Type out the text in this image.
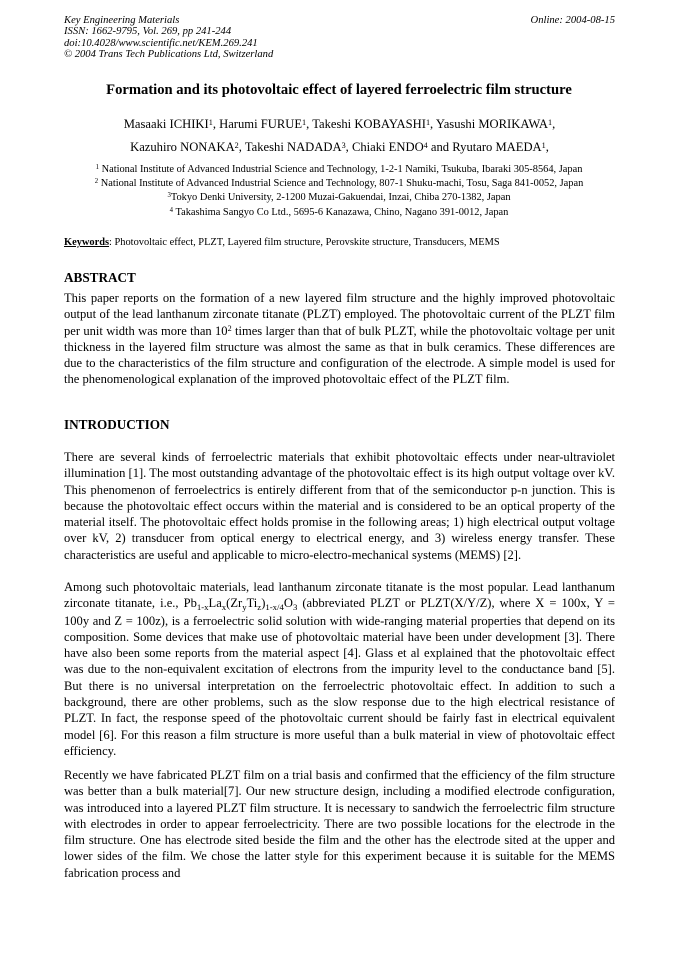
Key Engineering Materials
ISSN: 1662-9795, Vol. 269, pp 241-244
doi:10.4028/www.scientific.net/KEM.269.241
© 2004 Trans Tech Publications Ltd, Switzerland
Online: 2004-08-15
Formation and its photovoltaic effect of layered ferroelectric film structure
Masaaki ICHIKI$^1$, Harumi FURUE$^1$, Takeshi KOBAYASHI$^1$, Yasushi MORIKAWA$^1$,
Kazuhiro NONAKA$^2$, Takeshi NADADA$^3$, Chiaki ENDO$^4$ and Ryutaro MAEDA$^1$,
$^1$ National Institute of Advanced Industrial Science and Technology, 1-2-1 Namiki, Tsukuba, Ibaraki 305-8564, Japan
$^2$ National Institute of Advanced Industrial Science and Technology, 807-1 Shuku-machi, Tosu, Saga 841-0052, Japan
$^3$Tokyo Denki University, 2-1200 Muzai-Gakuendai, Inzai, Chiba 270-1382, Japan
$^4$ Takashima Sangyo Co Ltd., 5695-6 Kanazawa, Chino, Nagano 391-0012, Japan
Keywords: Photovoltaic effect, PLZT, Layered film structure, Perovskite structure, Transducers, MEMS
ABSTRACT

This paper reports on the formation of a new layered film structure and the highly improved photovoltaic output of the lead lanthanum zirconate titanate (PLZT) employed. The photovoltaic current of the PLZT film per unit width was more than $10^2$ times larger than that of bulk PLZT, while the photovoltaic voltage per unit thickness in the layered film structure was almost the same as that in bulk ceramics. These differences are due to the characteristics of the film structure and configuration of the electrode. A simple model is used for the phenomenological explanation of the improved photovoltaic effect of the PLZT film.

INTRODUCTION

There are several kinds of ferroelectric materials that exhibit photovoltaic effects under near-ultraviolet illumination [1]. The most outstanding advantage of the photovoltaic effect is its high output voltage over kV. This phenomenon of ferroelectrics is entirely different from that of the semiconductor p-n junction. This is because the photovoltaic effect occurs within the material and is considered to be an optical property of the material itself. The photovoltaic effect holds promise in the following areas; 1) high electrical output voltage over kV, 2) transducer from optical energy to electrical energy, and 3) wireless energy transfer. These characteristics are useful and applicable to micro-electro-mechanical systems (MEMS) [2].

Among such photovoltaic materials, lead lanthanum zirconate titanate is the most popular. Lead lanthanum zirconate titanate, i.e., $Pb_{1-x}La_x(Zr_yTi_z)_{1-x/4}O_3$ (abbreviated PLZT or PLZT(X/Y/Z), where X = 100x, Y = 100y and Z = 100z), is a ferroelectric solid solution with wide-ranging material properties that depend on its composition. Some devices that make use of photovoltaic material have been under development [3]. There have also been some reports from the material aspect [4]. Glass et al explained that the photovoltaic effect was due to the non-equivalent excitation of electrons from the impurity level to the conductance band [5]. But there is no universal interpretation on the ferroelectric photovoltaic effect. In addition to such a background, there are other problems, such as the slow response due to the high electrical resistance of PLZT. In fact, the response speed of the photovoltaic current should be fairly fast in electrical equivalent model [6]. For this reason a film structure is more useful than a bulk material in view of photovoltaic effect efficiency.

Recently we have fabricated PLZT film on a trial basis and confirmed that the efficiency of the film structure was better than a bulk material[7]. Our new structure design, including a modified electrode configuration, was introduced into a layered PLZT film structure. It is necessary to sandwich the ferroelectric film structure with electrodes in order to appear ferroelectricity. There are two possible locations for the electrode in the film structure. One has electrode sited beside the film and the other has the electrode sited at the upper and lower sides of the film. We chose the latter style for this experiment because it is suitable for the MEMS fabrication process and
